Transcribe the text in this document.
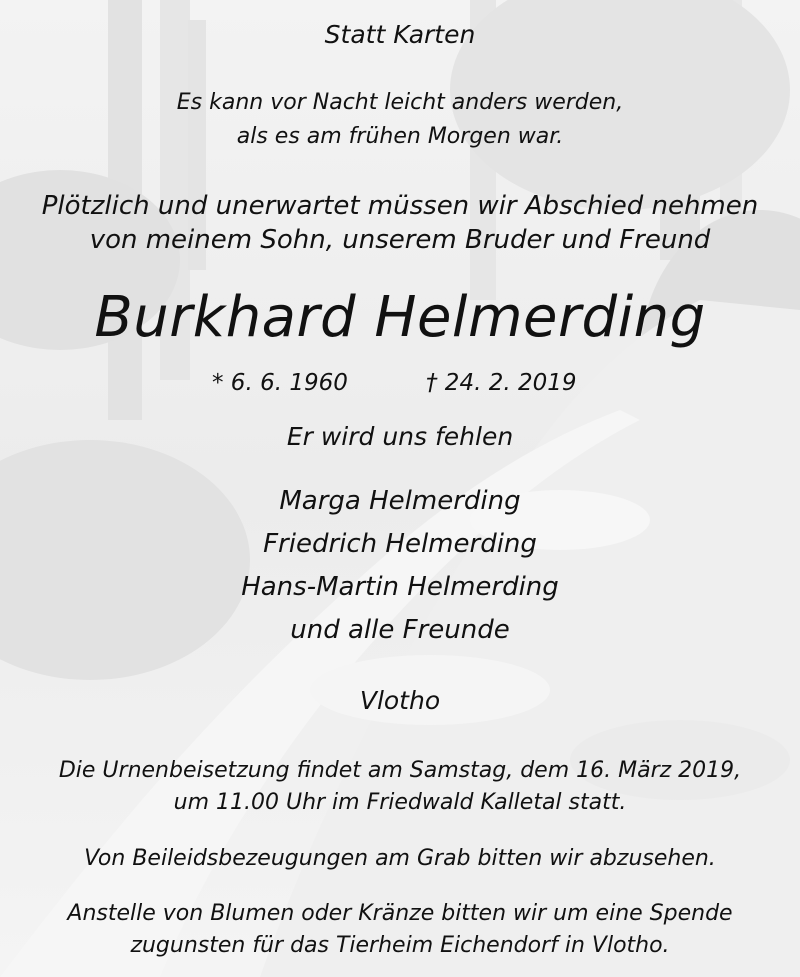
Statt Karten
Es kann vor Nacht leicht anders werden,
als es am frühen Morgen war.
Plötzlich und unerwartet müssen wir Abschied nehmen
von meinem Sohn, unserem Bruder und Freund
Burkhard Helmerding
* 6. 6. 1960	† 24. 2. 2019
Er wird uns fehlen
Marga Helmerding
Friedrich Helmerding
Hans-Martin Helmerding
und alle Freunde
Vlotho
Die Urnenbeisetzung findet am Samstag, dem 16. März 2019,
um 11.00 Uhr im Friedwald Kalletal statt.
Von Beileidsbezeugungen am Grab bitten wir abzusehen.
Anstelle von Blumen oder Kränze bitten wir um eine Spende
zugunsten für das Tierheim Eichendorf in Vlotho.
